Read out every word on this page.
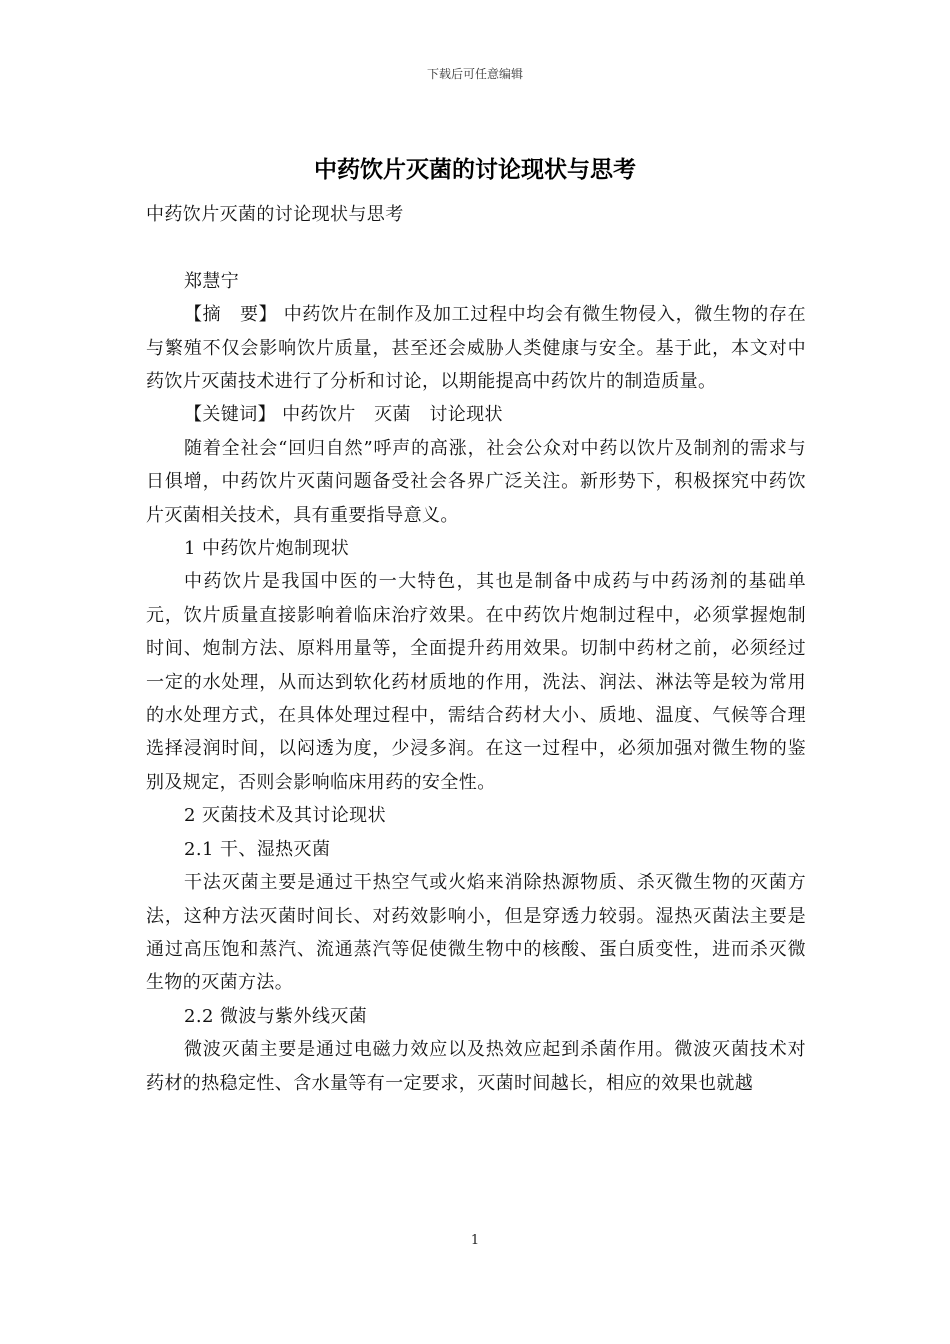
下载后可任意编辑
中药饮片灭菌的讨论现状与思考

中药饮片灭菌的讨论现状与思考

郑慧宁

【摘　要】 中药饮片在制作及加工过程中均会有微生物侵入，微生物的存在与繁殖不仅会影响饮片质量，甚至还会威胁人类健康与安全。基于此，本文对中药饮片灭菌技术进行了分析和讨论，以期能提高中药饮片的制造质量。

【关键词】 中药饮片　灭菌　讨论现状

随着全社会“回归自然”呼声的高涨，社会公众对中药以饮片及制剂的需求与日俱增，中药饮片灭菌问题备受社会各界广泛关注。新形势下，积极探究中药饮片灭菌相关技术，具有重要指导意义。

1 中药饮片炮制现状

中药饮片是我国中医的一大特色，其也是制备中成药与中药汤剂的基础单元，饮片质量直接影响着临床治疗效果。在中药饮片炮制过程中，必须掌握炮制时间、炮制方法、原料用量等，全面提升药用效果。切制中药材之前，必须经过一定的水处理，从而达到软化药材质地的作用，洗法、润法、淋法等是较为常用的水处理方式，在具体处理过程中，需结合药材大小、质地、温度、气候等合理选择浸润时间，以闷透为度，少浸多润。在这一过程中，必须加强对微生物的鉴别及规定，否则会影响临床用药的安全性。

2 灭菌技术及其讨论现状

2.1 干、湿热灭菌

干法灭菌主要是通过干热空气或火焰来消除热源物质、杀灭微生物的灭菌方法，这种方法灭菌时间长、对药效影响小，但是穿透力较弱。湿热灭菌法主要是通过高压饱和蒸汽、流通蒸汽等促使微生物中的核酸、蛋白质变性，进而杀灭微生物的灭菌方法。

2.2 微波与紫外线灭菌

微波灭菌主要是通过电磁力效应以及热效应起到杀菌作用。微波灭菌技术对药材的热稳定性、含水量等有一定要求，灭菌时间越长，相应的效果也就越

1
